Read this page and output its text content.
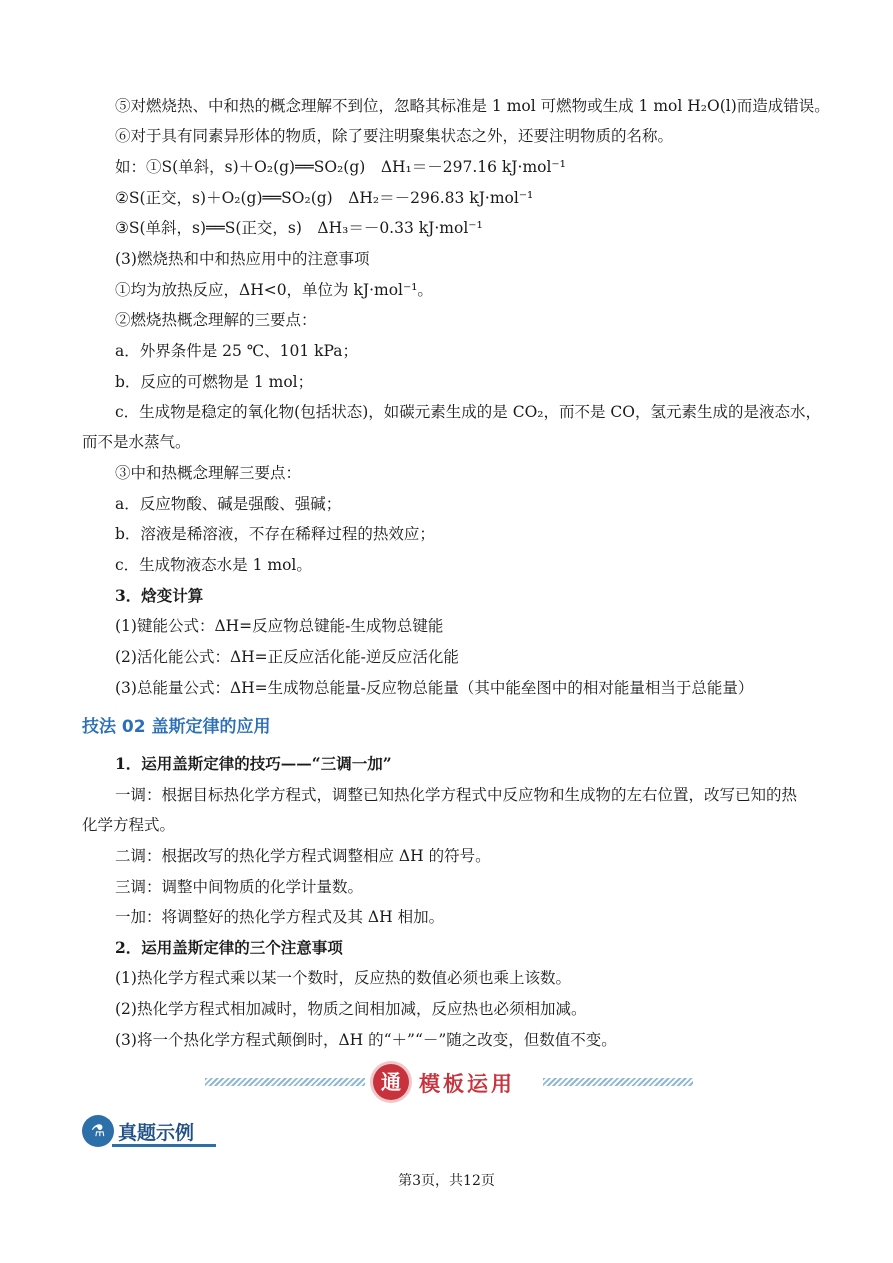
⑤对燃烧热、中和热的概念理解不到位，忽略其标准是 1 mol 可燃物或生成 1 mol H₂O(l)而造成错误。
⑥对于具有同素异形体的物质，除了要注明聚集状态之外，还要注明物质的名称。
如：①S(单斜，s)＋O₂(g)══SO₂(g)　ΔH₁＝－297.16 kJ·mol⁻¹
②S(正交，s)＋O₂(g)══SO₂(g)　ΔH₂＝－296.83 kJ·mol⁻¹
③S(单斜，s)══S(正交，s)　ΔH₃＝－0.33 kJ·mol⁻¹
(3)燃烧热和中和热应用中的注意事项
①均为放热反应，ΔH<0，单位为 kJ·mol⁻¹。
②燃烧热概念理解的三要点：
a．外界条件是 25 ℃、101 kPa；
b．反应的可燃物是 1 mol；
c．生成物是稳定的氧化物(包括状态)，如碳元素生成的是 CO₂，而不是 CO，氢元素生成的是液态水，
而不是水蒸气。
③中和热概念理解三要点：
a．反应物酸、碱是强酸、强碱；
b．溶液是稀溶液，不存在稀释过程的热效应；
c．生成物液态水是 1 mol。
3．焓变计算
(1)键能公式：ΔH=反应物总键能-生成物总键能
(2)活化能公式：ΔH=正反应活化能-逆反应活化能
(3)总能量公式：ΔH=生成物总能量-反应物总能量（其中能垒图中的相对能量相当于总能量）
技法 02 盖斯定律的应用
1．运用盖斯定律的技巧——“三调一加”
一调：根据目标热化学方程式，调整已知热化学方程式中反应物和生成物的左右位置，改写已知的热
化学方程式。
二调：根据改写的热化学方程式调整相应 ΔH 的符号。
三调：调整中间物质的化学计量数。
一加：将调整好的热化学方程式及其 ΔH 相加。
2．运用盖斯定律的三个注意事项
(1)热化学方程式乘以某一个数时，反应热的数值必须也乘上该数。
(2)热化学方程式相加减时，物质之间相加减，反应热也必须相加减。
(3)将一个热化学方程式颠倒时，ΔH 的“＋”“－”随之改变，但数值不变。
通 模板运用
⚗ 真题示例
第3页，共12页
